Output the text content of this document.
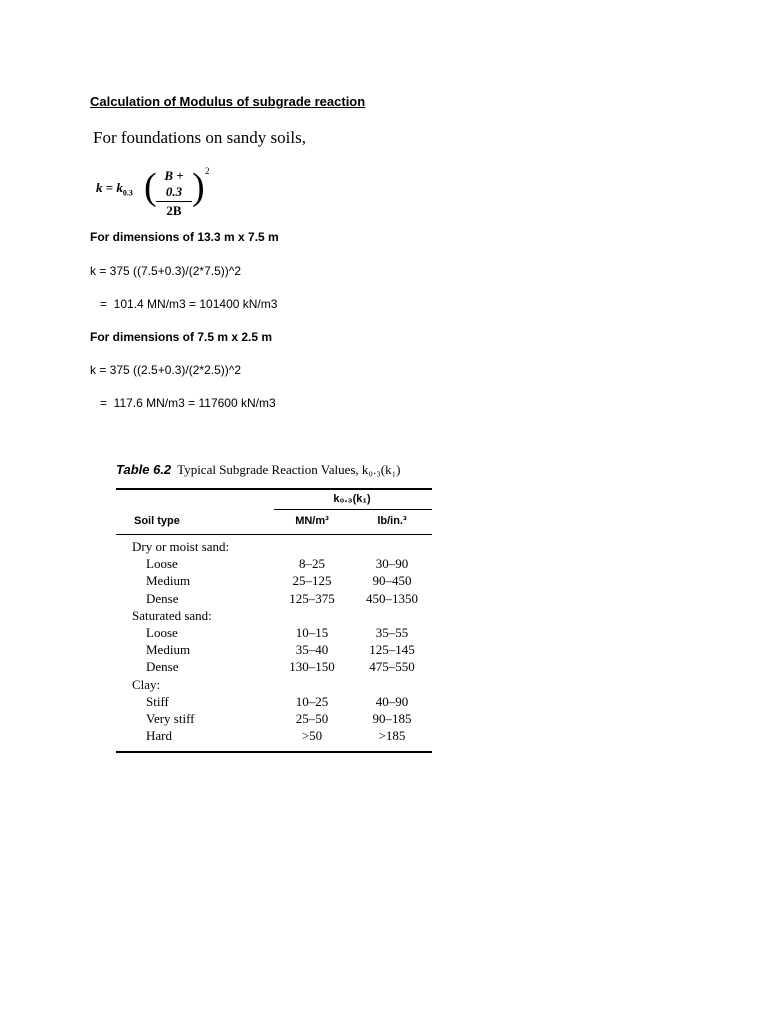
Calculation of Modulus of subgrade reaction
For foundations on sandy soils,
$k = k_{0.3}$ ( $\frac{B + 0.3}{2B}$ ) 2
For dimensions of 13.3 m x 7.5 m
k = 375 ((7.5+0.3)/(2*7.5))^2
=  101.4 MN/m3 = 101400 kN/m3
For dimensions of 7.5 m x 2.5 m
k = 375 ((2.5+0.3)/(2*2.5))^2
=  117.6 MN/m3 = 117600 kN/m3
Table 6.2 Typical Subgrade Reaction Values, k₀.₃(k₁)
k₀.₃(k₁)
Soil type	MN/m³	lb/in.³
Dry or moist sand:
Loose	8–25	30–90
Medium	25–125	90–450
Dense	125–375	450–1350
Saturated sand:
Loose	10–15	35–55
Medium	35–40	125–145
Dense	130–150	475–550
Clay:
Stiff	10–25	40–90
Very stiff	25–50	90–185
Hard	>50	>185
